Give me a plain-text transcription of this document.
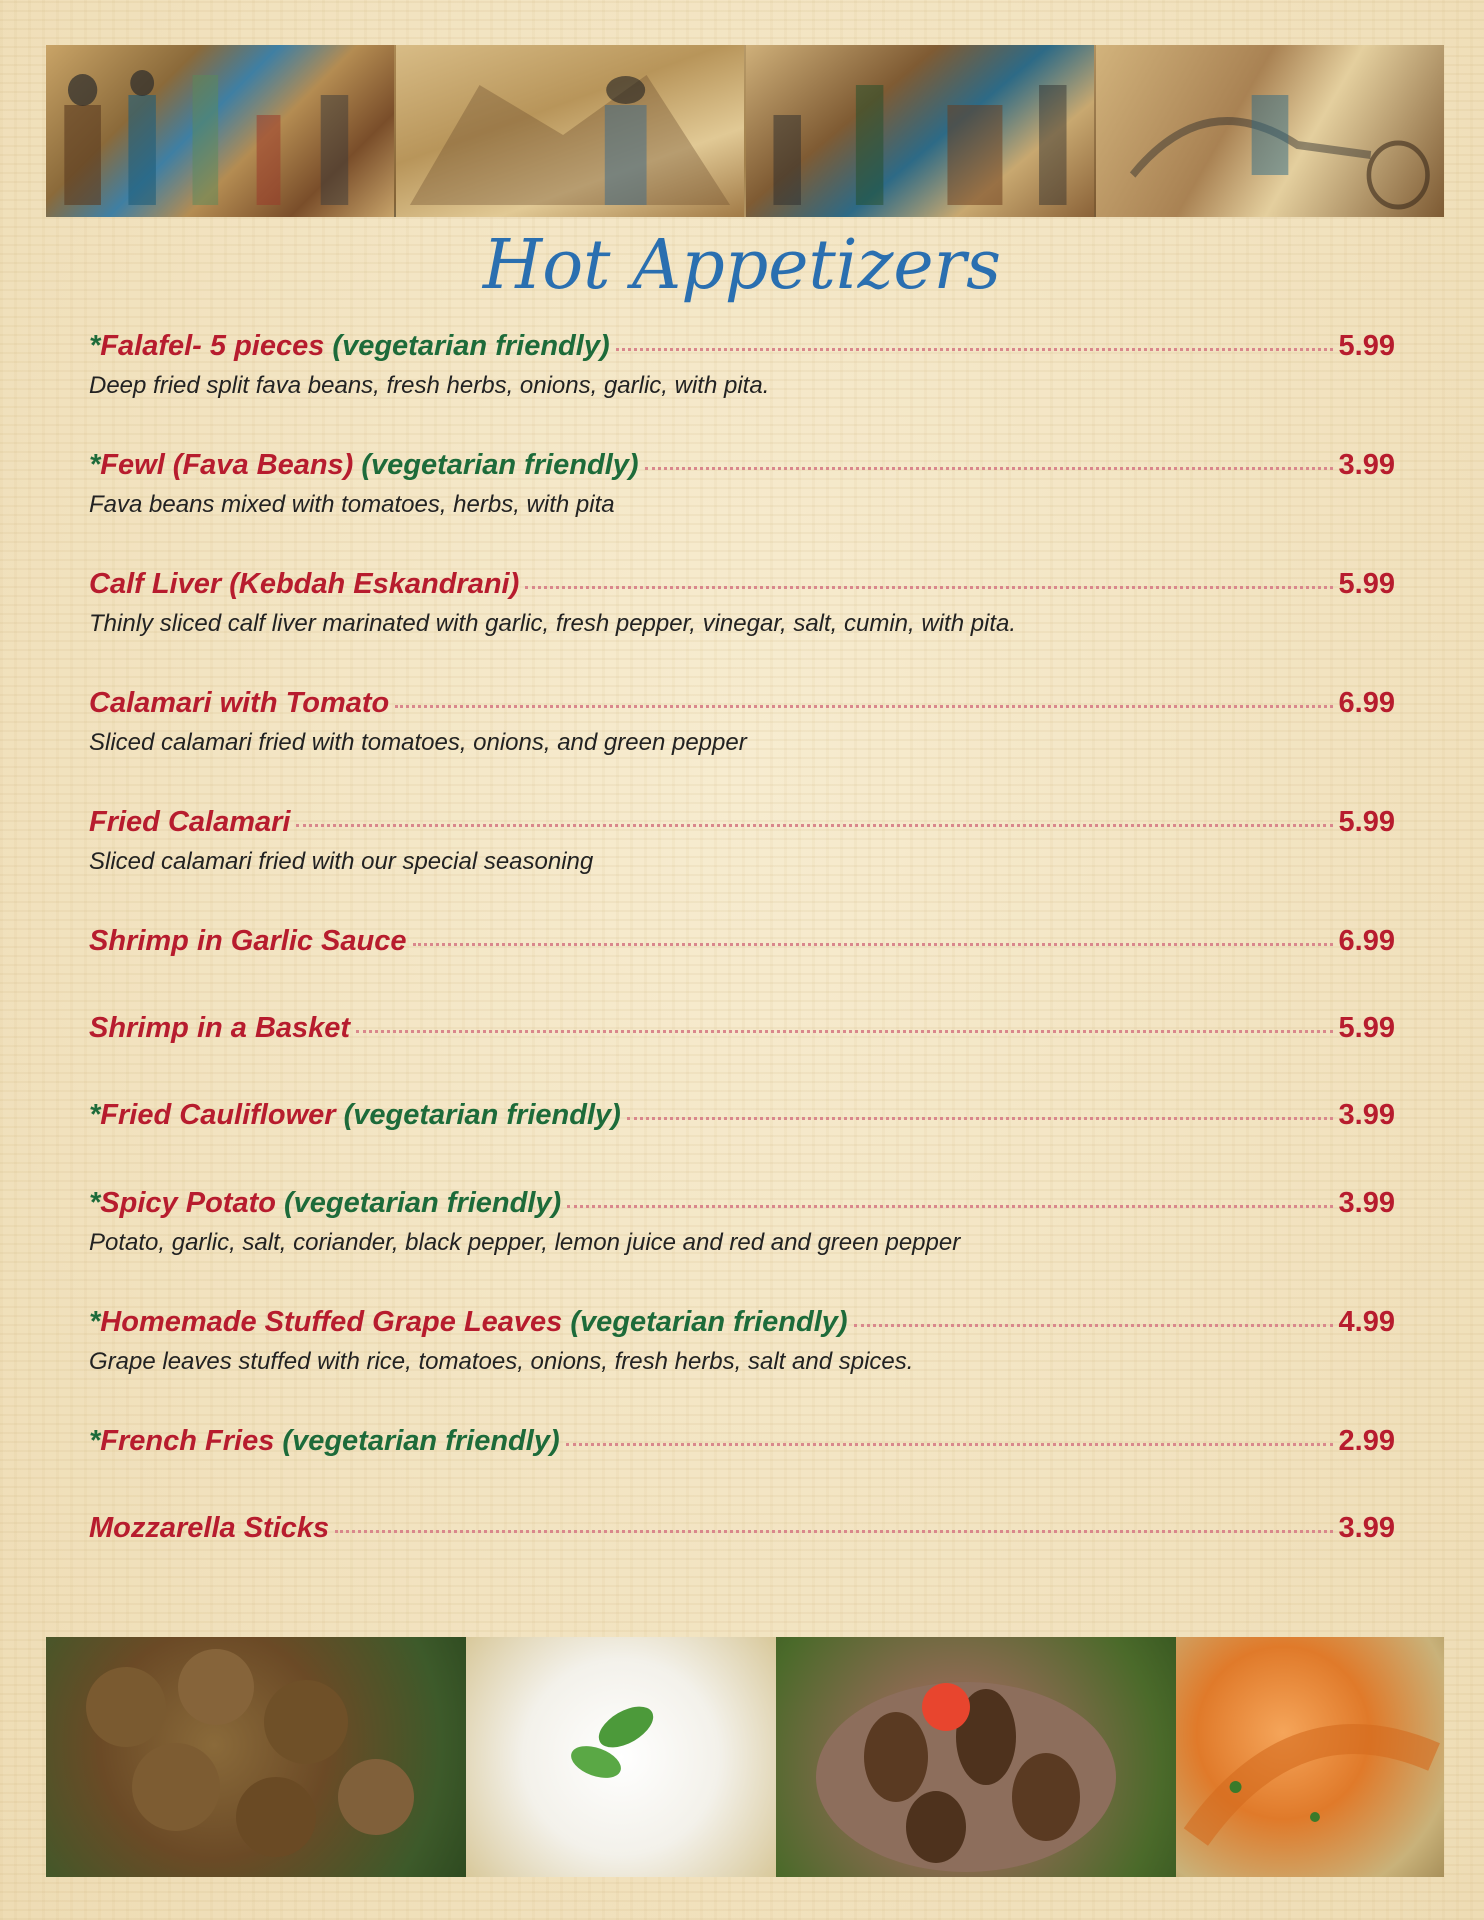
Hot Appetizers
*Falafel- 5 pieces (vegetarian friendly)	5.99
Deep fried split fava beans, fresh herbs, onions, garlic, with pita.
*Fewl (Fava Beans) (vegetarian friendly)	3.99
Fava beans mixed with tomatoes, herbs, with pita
Calf Liver (Kebdah Eskandrani)	5.99
Thinly sliced calf liver marinated with garlic, fresh pepper, vinegar, salt, cumin, with pita.
Calamari with Tomato	6.99
Sliced calamari fried with tomatoes, onions, and green pepper
Fried Calamari	5.99
Sliced calamari fried with our special seasoning
Shrimp in Garlic Sauce	6.99
Shrimp in a Basket	5.99
*Fried Cauliflower (vegetarian friendly)	3.99
*Spicy Potato (vegetarian friendly)	3.99
Potato, garlic, salt, coriander, black pepper, lemon juice and red and green pepper
*Homemade Stuffed Grape Leaves (vegetarian friendly)	4.99
Grape leaves stuffed with rice, tomatoes, onions, fresh herbs, salt and spices.
*French Fries (vegetarian friendly)	2.99
Mozzarella Sticks	3.99
